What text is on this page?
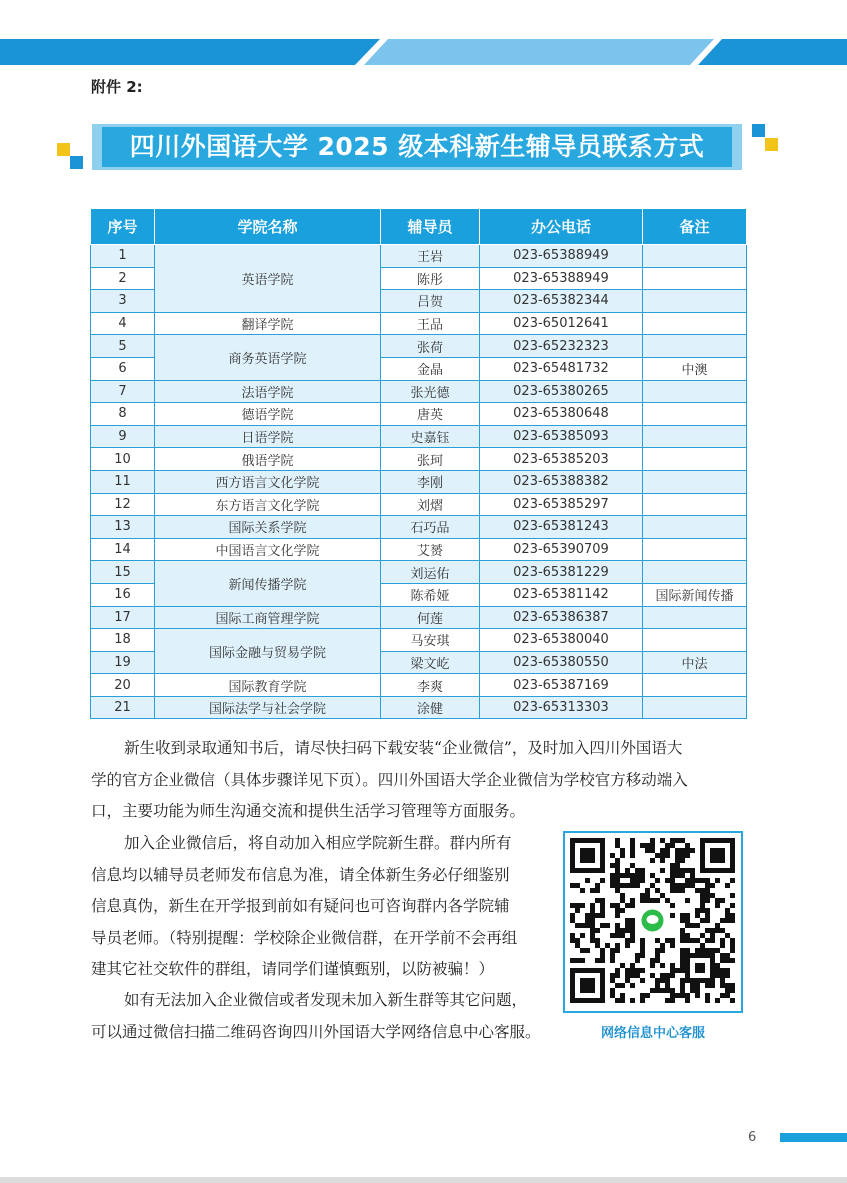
附件 2:
四川外国语大学 2025 级本科新生辅导员联系方式
序号	学院名称	辅导员	办公电话	备注
1	英语学院	王岩	023-65388949	
2		陈彤	023-65388949	
3		吕贺	023-65382344	
4	翻译学院	王品	023-65012641	
5	商务英语学院	张荷	023-65232323	
6		金晶	023-65481732	中澳
7	法语学院	张光德	023-65380265	
8	德语学院	唐英	023-65380648	
9	日语学院	史嘉钰	023-65385093	
10	俄语学院	张珂	023-65385203	
11	西方语言文化学院	李刚	023-65388382	
12	东方语言文化学院	刘熠	023-65385297	
13	国际关系学院	石巧品	023-65381243	
14	中国语言文化学院	艾赟	023-65390709	
15	新闻传播学院	刘运佑	023-65381229	
16		陈希娅	023-65381142	国际新闻传播
17	国际工商管理学院	何莲	023-65386387	
18	国际金融与贸易学院	马安琪	023-65380040	
19		梁文屹	023-65380550	中法
20	国际教育学院	李爽	023-65387169	
21	国际法学与社会学院	涂健	023-65313303	

新生收到录取通知书后，请尽快扫码下载安装“企业微信”，及时加入四川外国语大
学的官方企业微信（具体步骤详见下页）。四川外国语大学企业微信为学校官方移动端入
口，主要功能为师生沟通交流和提供生活学习管理等方面服务。

加入企业微信后，将自动加入相应学院新生群。群内所有
信息均以辅导员老师发布信息为准，请全体新生务必仔细鉴别
信息真伪，新生在开学报到前如有疑问也可咨询群内各学院辅
导员老师。（特别提醒：学校除企业微信群，在开学前不会再组
建其它社交软件的群组，请同学们谨慎甄别，以防被骗！）

如有无法加入企业微信或者发现未加入新生群等其它问题，
可以通过微信扫描二维码咨询四川外国语大学网络信息中心客服。	网络信息中心客服
6
